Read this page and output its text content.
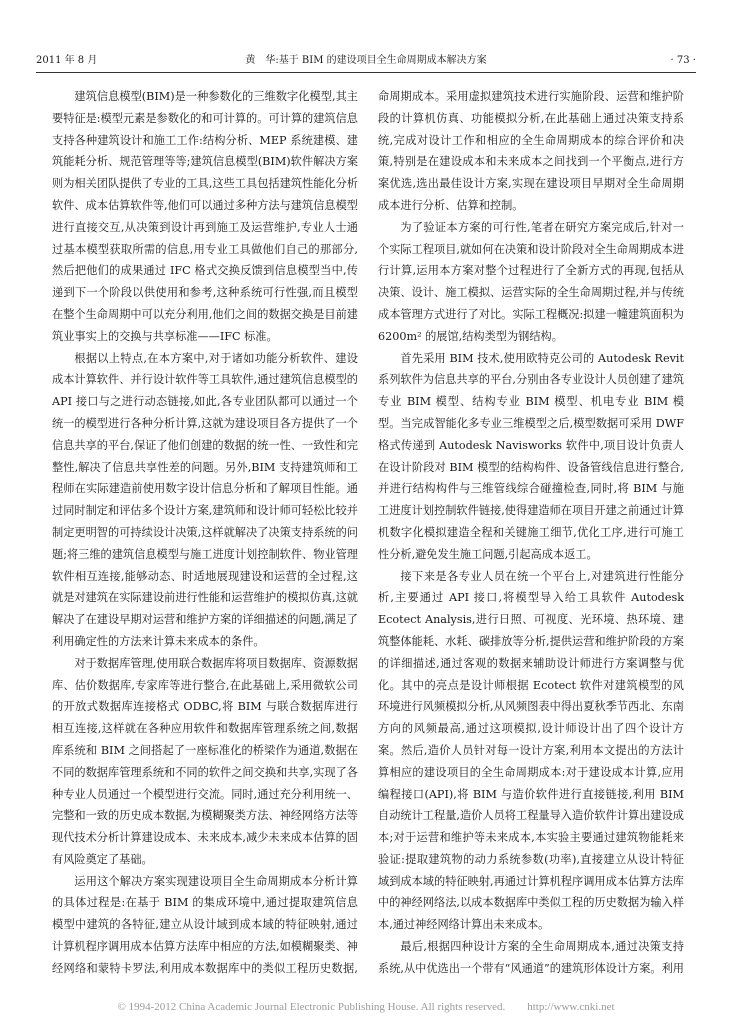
2011 年 8 月	黄　华:基于 BIM 的建设项目全生命周期成本解决方案	· 73 ·

建筑信息模型(BIM)是一种参数化的三维数字化模型,其主要特征是:模型元素是参数化的和可计算的。可计算的建筑信息支持各种建筑设计和施工工作:结构分析、MEP 系统建模、建筑能耗分析、规范管理等等;建筑信息模型(BIM)软件解决方案则为相关团队提供了专业的工具,这些工具包括建筑性能化分析软件、成本估算软件等,他们可以通过多种方法与建筑信息模型进行直接交互,从决策到设计再到施工及运营维护,专业人士通过基本模型获取所需的信息,用专业工具做他们自己的那部分,然后把他们的成果通过 IFC 格式交换反馈到信息模型当中,传递到下一个阶段以供使用和参考,这种系统可行性强,而且模型在整个生命周期中可以充分利用,他们之间的数据交换是目前建筑业事实上的交换与共享标准——IFC 标准。

根据以上特点,在本方案中,对于诸如功能分析软件、建设成本计算软件、并行设计软件等工具软件,通过建筑信息模型的 API 接口与之进行动态链接,如此,各专业团队都可以通过一个统一的模型进行各种分析计算,这就为建设项目各方提供了一个信息共享的平台,保证了他们创建的数据的统一性、一致性和完整性,解决了信息共享性差的问题。另外,BIM 支持建筑师和工程师在实际建造前使用数字设计信息分析和了解项目性能。通过同时制定和评估多个设计方案,建筑师和设计师可轻松比较并制定更明智的可持续设计决策,这样就解决了决策支持系统的问题;将三维的建筑信息模型与施工进度计划控制软件、物业管理软件相互连接,能够动态、时适地展现建设和运营的全过程,这就是对建筑在实际建设前进行性能和运营维护的模拟仿真,这就解决了在建设早期对运营和维护方案的详细描述的问题,满足了利用确定性的方法来计算未来成本的条件。

对于数据库管理,使用联合数据库将项目数据库、资源数据库、估价数据库,专家库等进行整合,在此基础上,采用微软公司的开放式数据库连接格式 ODBC,将 BIM 与联合数据库进行相互连接,这样就在各种应用软件和数据库管理系统之间,数据库系统和 BIM 之间搭起了一座标准化的桥梁作为通道,数据在不同的数据库管理系统和不同的软件之间交换和共享,实现了各种专业人员通过一个模型进行交流。同时,通过充分利用统一、完整和一致的历史成本数据,为模糊聚类方法、神经网络方法等现代技术分析计算建设成本、未来成本,减少未来成本估算的固有风险奠定了基础。

运用这个解决方案实现建设项目全生命周期成本分析计算的具体过程是:在基于 BIM 的集成环境中,通过提取建筑信息模型中建筑的各特征,建立从设计域到成本域的特征映射,通过计算机程序调用成本估算方法库中相应的方法,如模糊聚类、神经网络和蒙特卡罗法,利用成本数据库中的类似工程历史数据,

命周期成本。采用虚拟建筑技术进行实施阶段、运营和维护阶段的计算机仿真、功能模拟分析,在此基础上通过决策支持系统,完成对设计工作和相应的全生命周期成本的综合评价和决策,特别是在建设成本和未来成本之间找到一个平衡点,进行方案优选,选出最佳设计方案,实现在建设项目早期对全生命周期成本进行分析、估算和控制。

为了验证本方案的可行性,笔者在研究方案完成后,针对一个实际工程项目,就如何在决策和设计阶段对全生命周期成本进行计算,运用本方案对整个过程进行了全新方式的再现,包括从决策、设计、施工模拟、运营实际的全生命周期过程,并与传统成本管理方式进行了对比。实际工程概况:拟建一幢建筑面积为 6200m² 的展馆,结构类型为钢结构。

首先采用 BIM 技术,使用欧特克公司的 Autodesk Revit 系列软件为信息共享的平台,分别由各专业设计人员创建了建筑专业 BIM 模型、结构专业 BIM 模型、机电专业 BIM 模型。当完成智能化多专业三维模型之后,模型数据可采用 DWF 格式传递到 Autodesk Navisworks 软件中,项目设计负责人在设计阶段对 BIM 模型的结构构件、设备管线信息进行整合,并进行结构构件与三维管线综合碰撞检查,同时,将 BIM 与施工进度计划控制软件链接,使得建造师在项目开建之前通过计算机数字化模拟建造全程和关键施工细节,优化工序,进行可施工性分析,避免发生施工问题,引起高成本返工。

接下来是各专业人员在统一个平台上,对建筑进行性能分析,主要通过 API 接口,将模型导入给工具软件 Autodesk Ecotect Analysis,进行日照、可视度、光环境、热环境、建筑整体能耗、水耗、碳排放等分析,提供运营和维护阶段的方案的详细描述,通过客观的数据来辅助设计师进行方案调整与优化。其中的亮点是设计师根据 Ecotect 软件对建筑模型的风环境进行风频模拟分析,从风频图表中得出夏秋季节西北、东南方向的风频最高,通过这项模拟,设计师设计出了四个设计方案。然后,造价人员针对每一设计方案,利用本文提出的方法计算相应的建设项目的全生命周期成本:对于建设成本计算,应用编程接口(API),将 BIM 与造价软件进行直接链接,利用 BIM 自动统计工程量,造价人员将工程量导入造价软件计算出建设成本;对于运营和维护等未来成本,本实验主要通过建筑物能耗来验证:提取建筑物的动力系统参数(功率),直接建立从设计特征域到成本域的特征映射,再通过计算机程序调用成本估算方法库中的神经网络法,以成本数据库中类似工程的历史数据为输入样本,通过神经网络计算出未来成本。

最后,根据四种设计方案的全生命周期成本,通过决策支持系统,从中优选出一个带有“风通道”的建筑形体设计方案。利用

© 1994-2012 China Academic Journal Electronic Publishing House. All rights reserved.　　http://www.cnki.net
